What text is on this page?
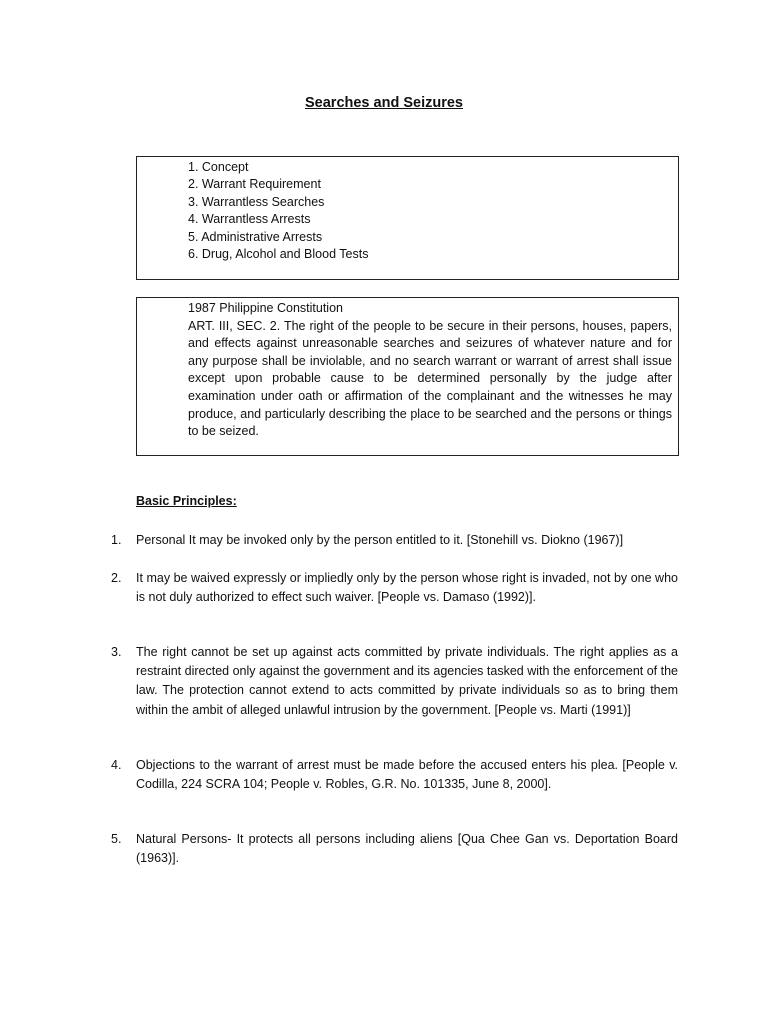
Searches and Seizures
1. Concept
2. Warrant Requirement
3. Warrantless Searches
4. Warrantless Arrests
5. Administrative Arrests
6. Drug, Alcohol and Blood Tests
1987 Philippine Constitution
ART. III, SEC. 2. The right of the people to be secure in their persons, houses, papers, and effects against unreasonable searches and seizures of whatever nature and for any purpose shall be inviolable, and no search warrant or warrant of arrest shall issue except upon probable cause to be determined personally by the judge after examination under oath or affirmation of the complainant and the witnesses he may produce, and particularly describing the place to be searched and the persons or things to be seized.
Basic Principles:
1.	Personal It may be invoked only by the person entitled to it. [Stonehill vs. Diokno (1967)]
2.	It may be waived expressly or impliedly only by the person whose right is invaded, not by one who is not duly authorized to effect such waiver. [People vs. Damaso (1992)].
3.	The right cannot be set up against acts committed by private individuals. The right applies as a restraint directed only against the government and its agencies tasked with the enforcement of the law. The protection cannot extend to acts committed by private individuals so as to bring them within the ambit of alleged unlawful intrusion by the government. [People vs. Marti (1991)]
4.	Objections to the warrant of arrest must be made before the accused enters his plea. [People v. Codilla, 224 SCRA 104; People v. Robles, G.R. No. 101335, June 8, 2000].
5.	Natural Persons- It protects all persons including aliens [Qua Chee Gan vs. Deportation Board (1963)].
